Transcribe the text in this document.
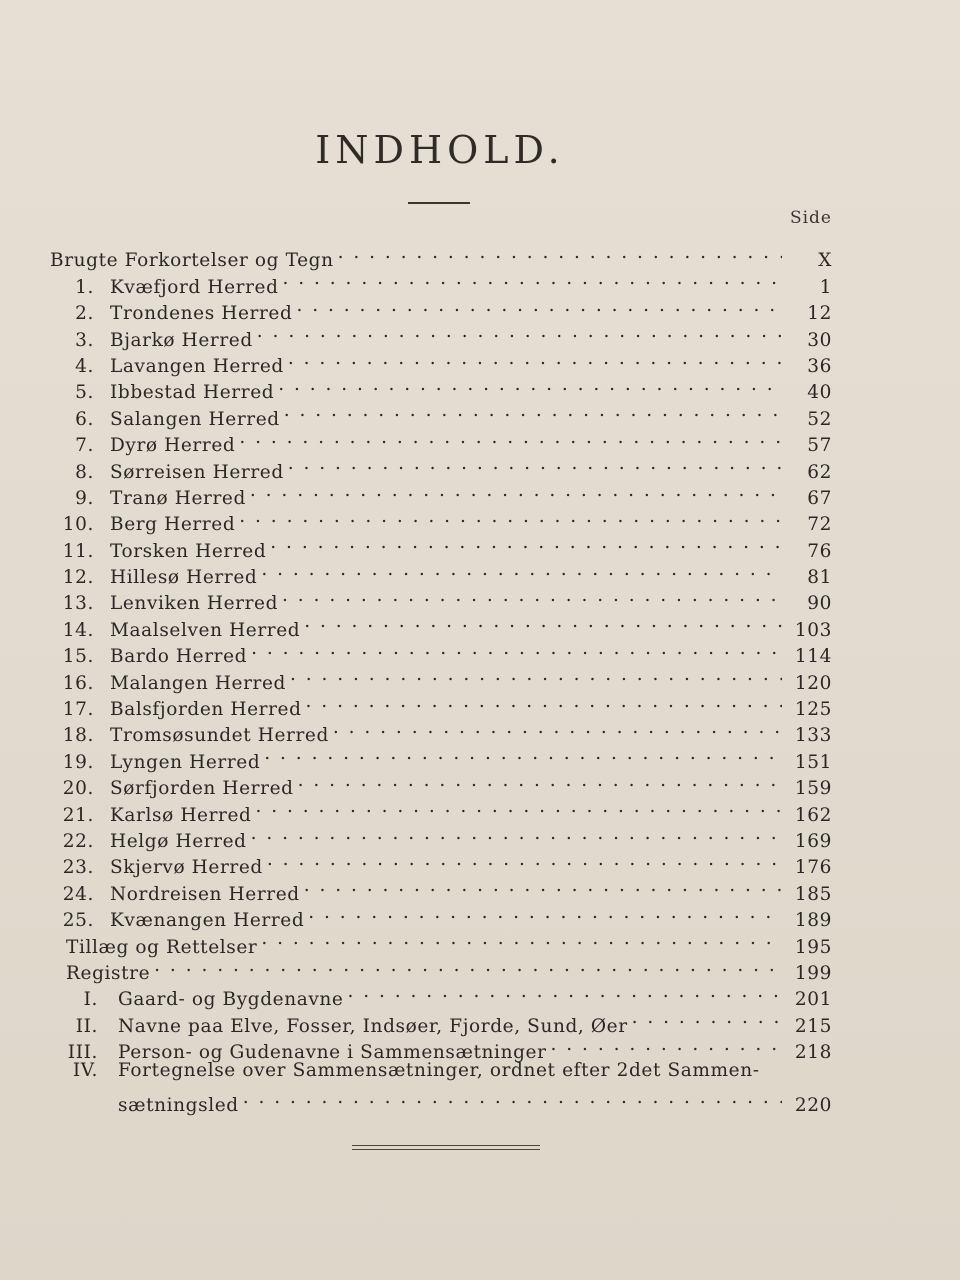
INDHOLD.
Side
Brugte Forkortelser og Tegn . . .	X
1. Kvæfjord Herred . . .	1
2. Trondenes Herred . . .	12
3. Bjarkø Herred . . .	30
4. Lavangen Herred . . .	36
5. Ibbestad Herred . . .	40
6. Salangen Herred . . .	52
7. Dyrø Herred . . .	57
8. Sørreisen Herred . . .	62
9. Tranø Herred . . .	67
10. Berg Herred . . .	72
11. Torsken Herred . . .	76
12. Hillesø Herred . . .	81
13. Lenviken Herred . . .	90
14. Maalselven Herred . . .	103
15. Bardo Herred . . .	114
16. Malangen Herred . . .	120
17. Balsfjorden Herred . . .	125
18. Tromsøsundet Herred . . .	133
19. Lyngen Herred . . .	151
20. Sørfjorden Herred . . .	159
21. Karlsø Herred . . .	162
22. Helgø Herred . . .	169
23. Skjervø Herred . . .	176
24. Nordreisen Herred . . .	185
25. Kvænangen Herred . . .	189
Tillæg og Rettelser . . .	195
Registre . . .	199
I.	Gaard- og Bygdenavne . . .	201
II.	Navne paa Elve, Fosser, Indsøer, Fjorde, Sund, Øer . . .	215
III.	Person- og Gudenavne i Sammensætninger . . .	218
IV.	Fortegnelse over Sammensætninger, ordnet efter 2det Sammen-
sætningsled . . .	220
